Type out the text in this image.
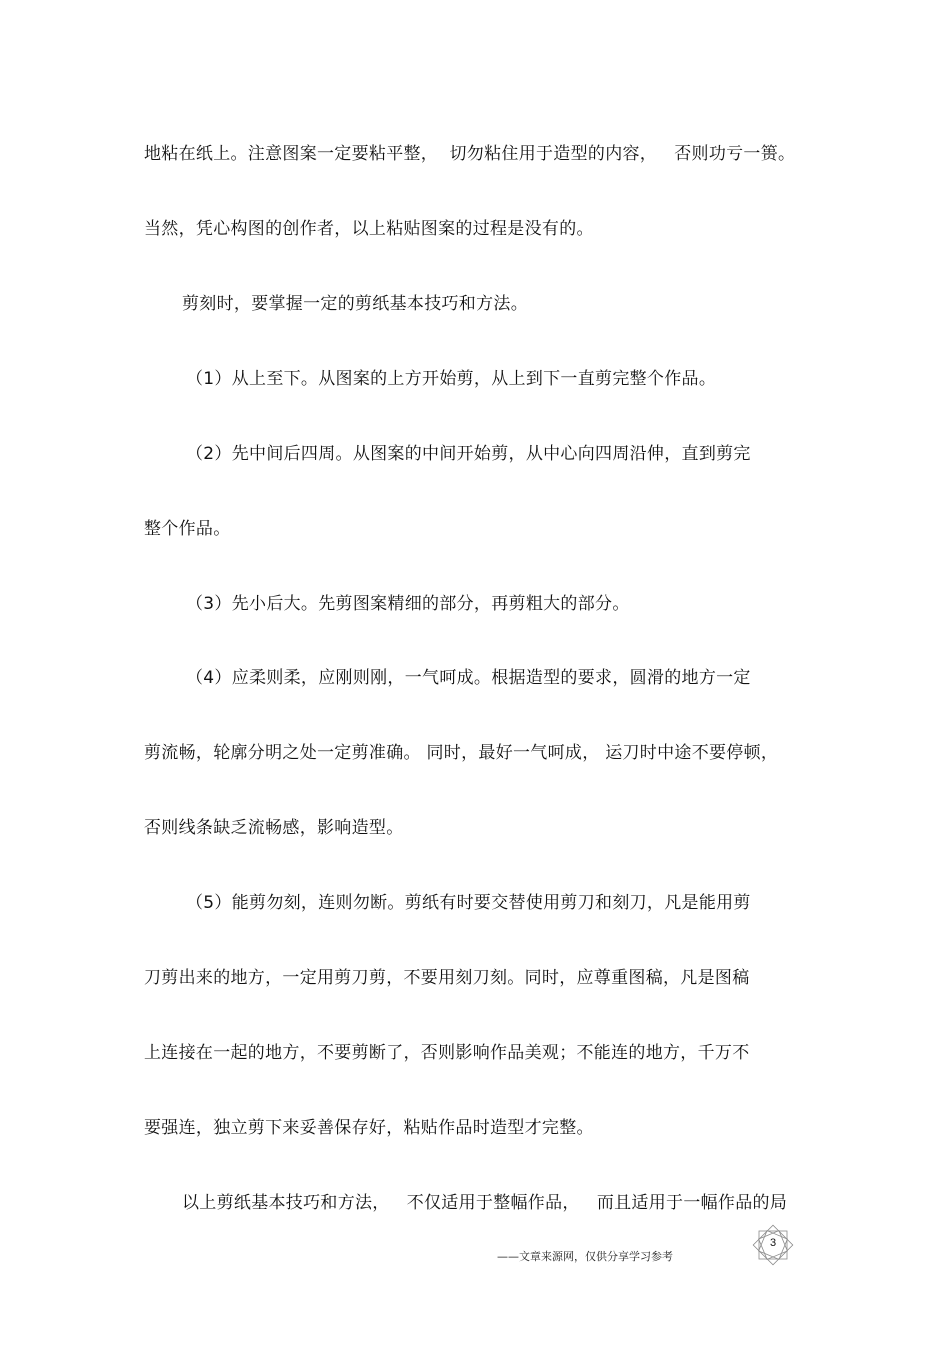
地粘在纸上。注意图案一定要粘平整，  切勿粘住用于造型的内容，   否则功亏一篑。
当然，凭心构图的创作者，以上粘贴图案的过程是没有的。
剪刻时，要掌握一定的剪纸基本技巧和方法。
（1）从上至下。从图案的上方开始剪，从上到下一直剪完整个作品。
（2）先中间后四周。从图案的中间开始剪，从中心向四周沿伸，直到剪完
整个作品。
（3）先小后大。先剪图案精细的部分，再剪粗大的部分。
（4）应柔则柔，应刚则刚，一气呵成。根据造型的要求，圆滑的地方一定
剪流畅，轮廓分明之处一定剪准确。 同时，最好一气呵成， 运刀时中途不要停顿，
否则线条缺乏流畅感，影响造型。
（5）能剪勿刻，连则勿断。剪纸有时要交替使用剪刀和刻刀，凡是能用剪
刀剪出来的地方，一定用剪刀剪，不要用刻刀刻。同时，应尊重图稿，凡是图稿
上连接在一起的地方，不要剪断了，否则影响作品美观；不能连的地方，千万不
要强连，独立剪下来妥善保存好，粘贴作品时造型才完整。
以上剪纸基本技巧和方法，   不仅适用于整幅作品，   而且适用于一幅作品的局
——文章来源网，仅供分享学习参考
3
